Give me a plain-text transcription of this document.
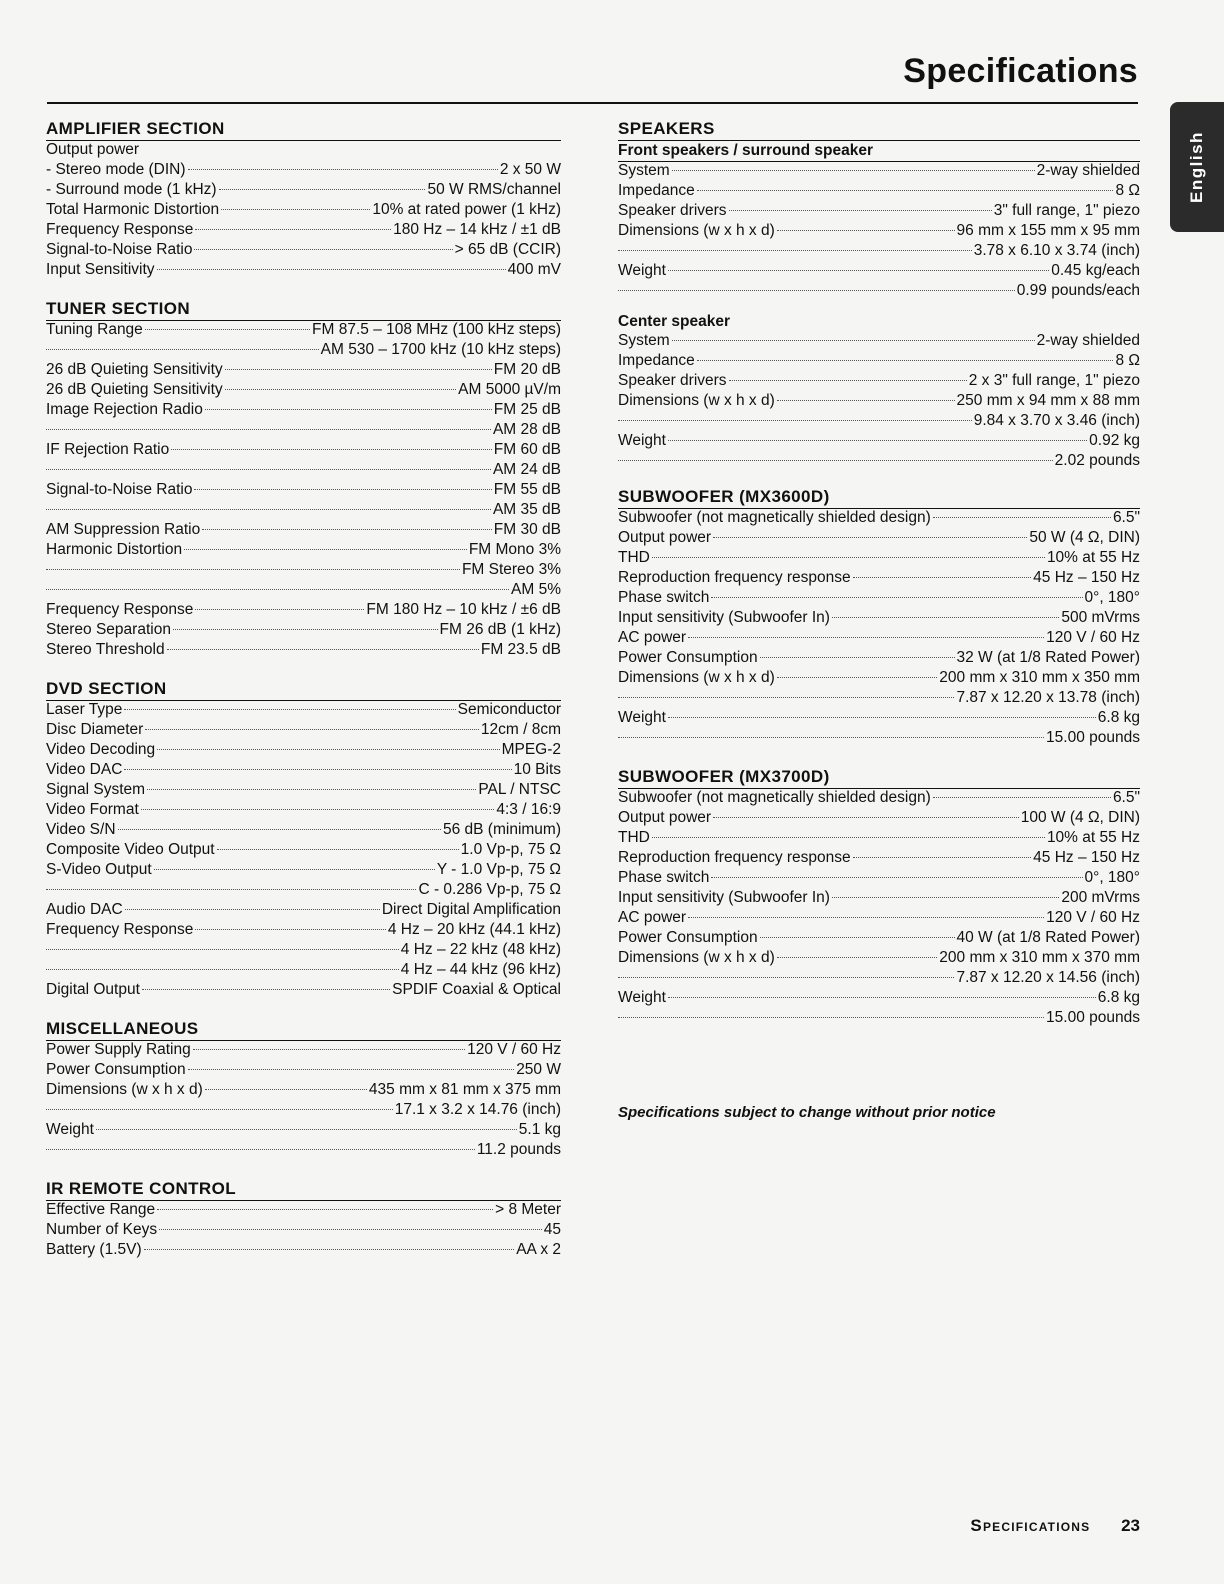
Specifications
English
AMPLIFIER SECTION
Output power
- Stereo mode (DIN)	2 x 50 W
- Surround mode (1 kHz)	50 W RMS/channel
Total Harmonic Distortion	10% at rated power (1 kHz)
Frequency Response	180 Hz – 14 kHz / ±1 dB
Signal-to-Noise Ratio	> 65 dB (CCIR)
Input Sensitivity	400 mV
TUNER SECTION
Tuning Range	FM 87.5 – 108 MHz (100 kHz steps)
AM 530 – 1700 kHz (10 kHz steps)
26 dB Quieting Sensitivity	FM 20 dB
26 dB Quieting Sensitivity	AM 5000 µV/m
Image Rejection Radio	FM 25 dB
AM 28 dB
IF Rejection Ratio	FM 60 dB
AM 24 dB
Signal-to-Noise Ratio	FM 55 dB
AM 35 dB
AM Suppression Ratio	FM 30 dB
Harmonic Distortion	FM Mono 3%
FM Stereo 3%
AM 5%
Frequency Response	FM 180 Hz – 10 kHz / ±6 dB
Stereo Separation	FM 26 dB (1 kHz)
Stereo Threshold	FM 23.5 dB
DVD SECTION
Laser Type	Semiconductor
Disc Diameter	12cm / 8cm
Video Decoding	MPEG-2
Video DAC	10 Bits
Signal System	PAL / NTSC
Video Format	4:3 / 16:9
Video S/N	56 dB (minimum)
Composite Video Output	1.0 Vp-p, 75 Ω
S-Video Output	Y - 1.0 Vp-p, 75 Ω
C - 0.286 Vp-p, 75 Ω
Audio DAC	Direct Digital Amplification
Frequency Response	4 Hz – 20 kHz (44.1 kHz)
4 Hz – 22 kHz (48 kHz)
4 Hz – 44 kHz (96 kHz)
Digital Output	SPDIF Coaxial & Optical
MISCELLANEOUS
Power Supply Rating	120 V / 60 Hz
Power Consumption	250 W
Dimensions (w x h x d)	435 mm x 81 mm x 375 mm
17.1 x 3.2 x 14.76 (inch)
Weight	5.1 kg
11.2 pounds
IR REMOTE CONTROL
Effective Range	> 8 Meter
Number of Keys	45
Battery (1.5V)	AA x 2
SPEAKERS
Front speakers / surround speaker
System	2-way shielded
Impedance	8 Ω
Speaker drivers	3" full range, 1" piezo
Dimensions (w x h x d)	96 mm x 155 mm x 95 mm
3.78 x 6.10 x 3.74 (inch)
Weight	0.45 kg/each
0.99 pounds/each
Center speaker
System	2-way shielded
Impedance	8 Ω
Speaker drivers	2 x 3" full range, 1" piezo
Dimensions (w x h x d)	250 mm x 94 mm x 88 mm
9.84 x 3.70 x 3.46 (inch)
Weight	0.92 kg
2.02 pounds
SUBWOOFER (MX3600D)
Subwoofer (not magnetically shielded design)	6.5"
Output power	50 W (4 Ω, DIN)
THD	10% at 55 Hz
Reproduction frequency response	45 Hz – 150 Hz
Phase switch	0°, 180°
Input sensitivity (Subwoofer In)	500 mVrms
AC power	120 V / 60 Hz
Power Consumption	32 W (at 1/8 Rated Power)
Dimensions (w x h x d)	200 mm x 310 mm x 350 mm
7.87 x 12.20 x 13.78 (inch)
Weight	6.8 kg
15.00 pounds
SUBWOOFER (MX3700D)
Subwoofer (not magnetically shielded design)	6.5"
Output power	100 W (4 Ω, DIN)
THD	10% at 55 Hz
Reproduction frequency response	45 Hz – 150 Hz
Phase switch	0°, 180°
Input sensitivity (Subwoofer In)	200 mVrms
AC power	120 V / 60 Hz
Power Consumption	40 W (at 1/8 Rated Power)
Dimensions (w x h x d)	200 mm x 310 mm x 370 mm
7.87 x 12.20 x 14.56 (inch)
Weight	6.8 kg
15.00 pounds
Specifications subject to change without prior notice
Specifications 23
